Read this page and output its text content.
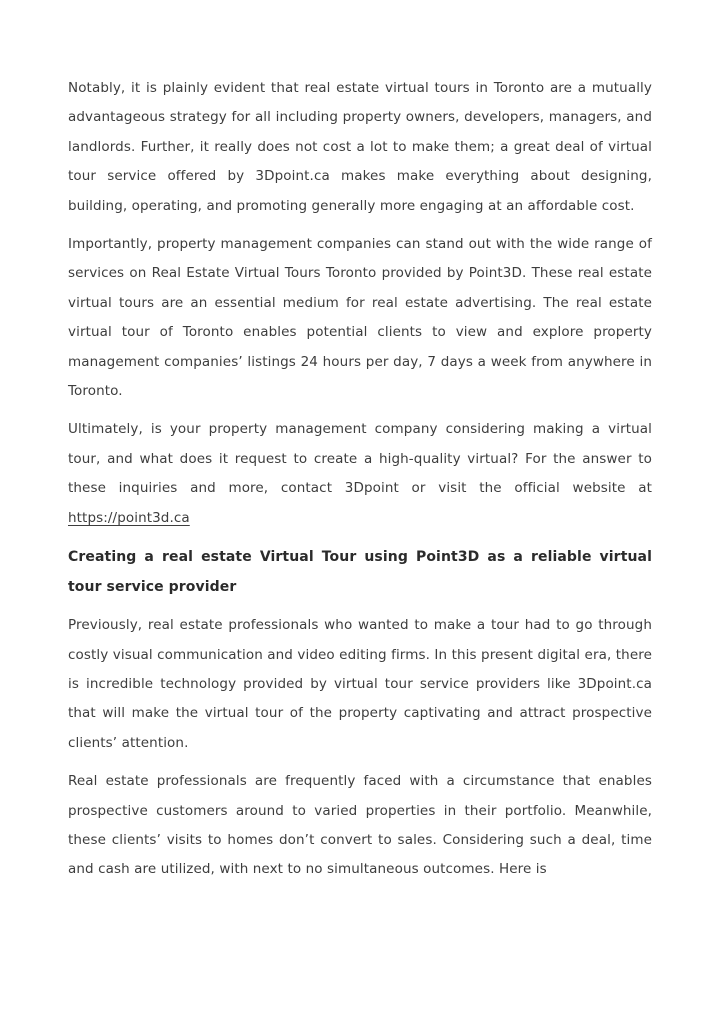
Notably, it is plainly evident that real estate virtual tours in Toronto are a mutually advantageous strategy for all including property owners, developers, managers, and landlords. Further, it really does not cost a lot to make them; a great deal of virtual tour service offered by 3Dpoint.ca makes make everything about designing, building, operating, and promoting generally more engaging at an affordable cost.

Importantly, property management companies can stand out with the wide range of services on Real Estate Virtual Tours Toronto provided by Point3D. These real estate virtual tours are an essential medium for real estate advertising. The real estate virtual tour of Toronto enables potential clients to view and explore property management companies’ listings 24 hours per day, 7 days a week from anywhere in Toronto.

Ultimately, is your property management company considering making a virtual tour, and what does it request to create a high-quality virtual? For the answer to these inquiries and more, contact 3Dpoint or visit the official website at https://point3d.ca

Creating a real estate Virtual Tour using Point3D as a reliable virtual tour service provider

Previously, real estate professionals who wanted to make a tour had to go through costly visual communication and video editing firms. In this present digital era, there is incredible technology provided by virtual tour service providers like 3Dpoint.ca that will make the virtual tour of the property captivating and attract prospective clients’ attention.

Real estate professionals are frequently faced with a circumstance that enables prospective customers around to varied properties in their portfolio. Meanwhile, these clients’ visits to homes don’t convert to sales. Considering such a deal, time and cash are utilized, with next to no simultaneous outcomes. Here is
